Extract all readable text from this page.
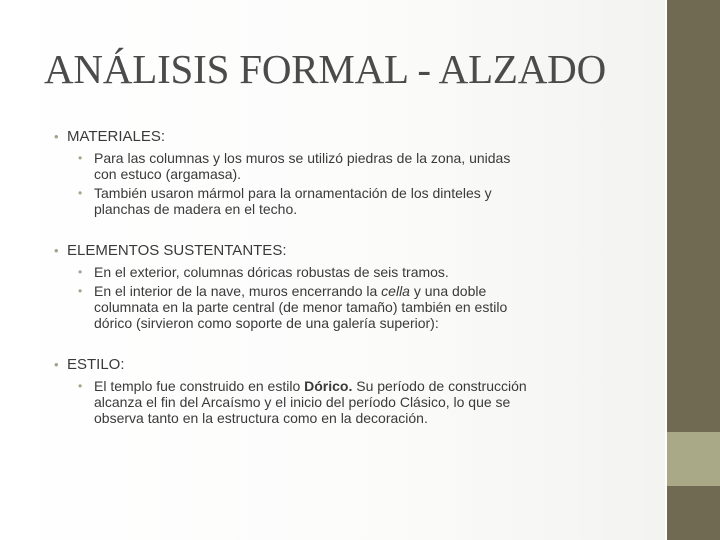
ANÁLISIS FORMAL - ALZADO
• MATERIALES:
• Para las columnas y los muros se utilizó piedras de la zona, unidas
con estuco (argamasa).
• También usaron mármol para la ornamentación de los dinteles y
planchas de madera en el techo.
• ELEMENTOS SUSTENTANTES:
• En el exterior, columnas dóricas robustas de seis tramos.
• En el interior de la nave, muros encerrando la cella y una doble
columnata en la parte central (de menor tamaño) también en estilo
dórico (sirvieron como soporte de una galería superior):
• ESTILO:
• El templo fue construido en estilo Dórico. Su período de construcción
alcanza el fin del Arcaísmo y el inicio del período Clásico, lo que se
observa tanto en la estructura como en la decoración.
